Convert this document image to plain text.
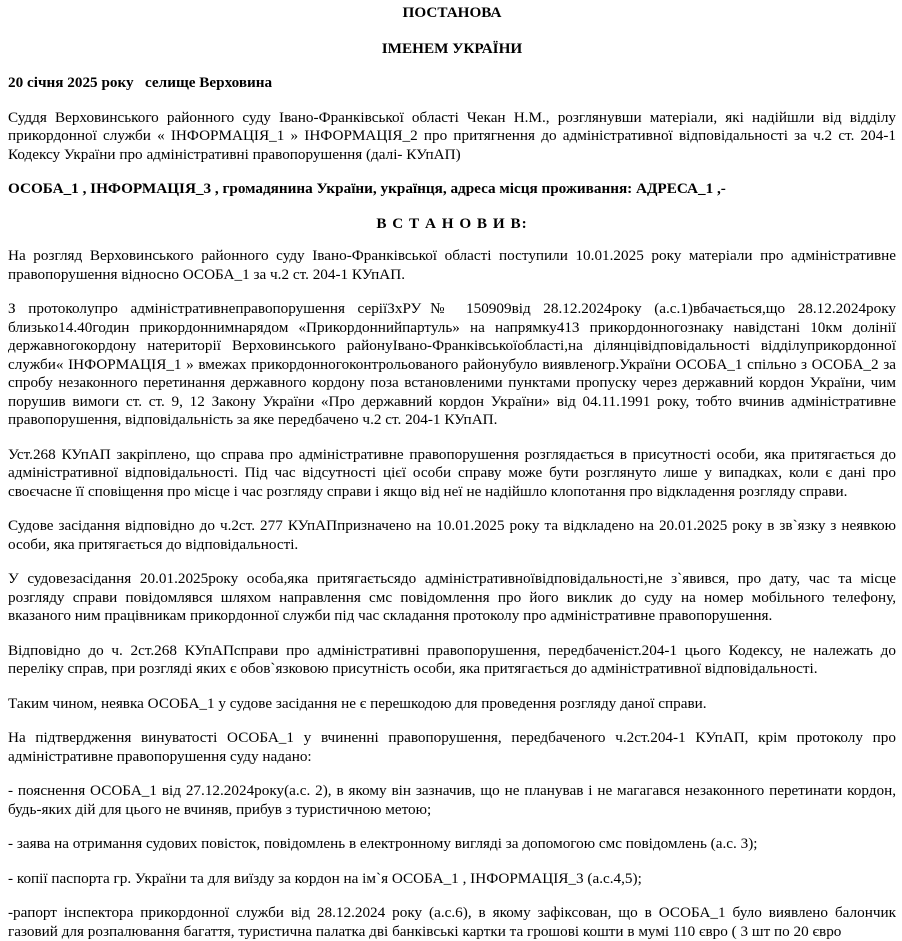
ПОСТАНОВА
ІМЕНЕМ УКРАЇНИ

20 січня 2025 року   селище Верховина

Суддя Верховинського районного суду Івано-Франківської області Чекан Н.М., розглянувши матеріали, які надійшли від відділу прикордонної служби « ІНФОРМАЦІЯ_1 » ІНФОРМАЦІЯ_2 про притягнення до адміністративної відповідальності за ч.2 ст. 204-1 Кодексу України про адміністративні правопорушення (далі- КУпАП)

ОСОБА_1 , ІНФОРМАЦІЯ_3 , громадянина України, українця, адреса місця проживання: АДРЕСА_1 ,-

В С Т А Н О В И В:

На розгляд Верховинського районного суду Івано-Франківської області поступили 10.01.2025 року матеріали про адміністративне правопорушення відносно ОСОБА_1 за ч.2 ст. 204-1 КУпАП.

З протоколупро адміністративнеправопорушення серіїЗхРУ№ 150909від 28.12.2024року (а.с.1)вбачається,що 28.12.2024року близько14.40годин прикордоннимнарядом «Прикордоннийпартуль» на напрямку413 прикордонногознаку навідстані 10км долінії державногокордону натериторії Верховинського районуІвано-Франківськоїобласті,на ділянцівідповідальності відділуприкордонної служби« ІНФОРМАЦІЯ_1 » вмежах прикордонногоконтрольованого районубуло виявленогр.України ОСОБА_1 спільно з ОСОБА_2 за спробу незаконного перетинання державного кордону поза встановленими пунктами пропуску через державний кордон України, чим порушив вимоги ст. ст. 9, 12 Закону України «Про державний кордон України» від 04.11.1991 року, тобто вчинив адміністративне правопорушення, відповідальність за яке передбачено ч.2 ст. 204-1 КУпАП.

Уст.268 КУпАП закріплено, що справа про адміністративне правопорушення розглядається в присутності особи, яка притягається до адміністративної відповідальності. Під час відсутності цієї особи справу може бути розглянуто лише у випадках, коли є дані про своєчасне її сповіщення про місце і час розгляду справи і якщо від неї не надійшло клопотання про відкладення розгляду справи.

Судове засідання відповідно до ч.2ст. 277 КУпАПпризначено на 10.01.2025 року та відкладено на 20.01.2025 року в зв`язку з неявкою особи, яка притягається до відповідальності.

У судовезасідання 20.01.2025року особа,яка притягаєтьсядо адміністративноївідповідальності,не з`явився, про дату, час та місце розгляду справи повідомлявся шляхом направлення смс повідомлення про його виклик до суду на номер мобільного телефону, вказаного ним працівникам прикордонної служби під час складання протоколу про адміністративне правопорушення.

Відповідно до ч. 2ст.268 КУпАПсправи про адміністративні правопорушення, передбаченіст.204-1 цього Кодексу, не належать до переліку справ, при розгляді яких є обов`язковою присутність особи, яка притягається до адміністративної відповідальності.

Таким чином, неявка ОСОБА_1 у судове засідання не є перешкодою для проведення розгляду даної справи.

На підтвердження винуватості ОСОБА_1 у вчиненні правопорушення, передбаченого ч.2ст.204-1 КУпАП, крім протоколу про адміністративне правопорушення суду надано:

- пояснення ОСОБА_1 від 27.12.2024року(а.с. 2), в якому він зазначив, що не планував і не магагався незаконного перетинати кордон, будь-яких дій для цього не вчиняв, прибув з туристичною метою;

- заява на отримання судових повісток, повідомлень в електронному вигляді за допомогою смс повідомлень (а.с. 3);

- копії паспорта гр. України та для виїзду за кордон на ім`я ОСОБА_1 , ІНФОРМАЦІЯ_3 (а.с.4,5);

-рапорт інспектора прикордонної служби від 28.12.2024 року (а.с.6), в якому зафіксован, що в ОСОБА_1 було виявлено балончик газовий для розпалювання багаття, туристична палатка дві банківські картки та грошові кошти в мумі 110 євро ( 3 шт по 20 євро
